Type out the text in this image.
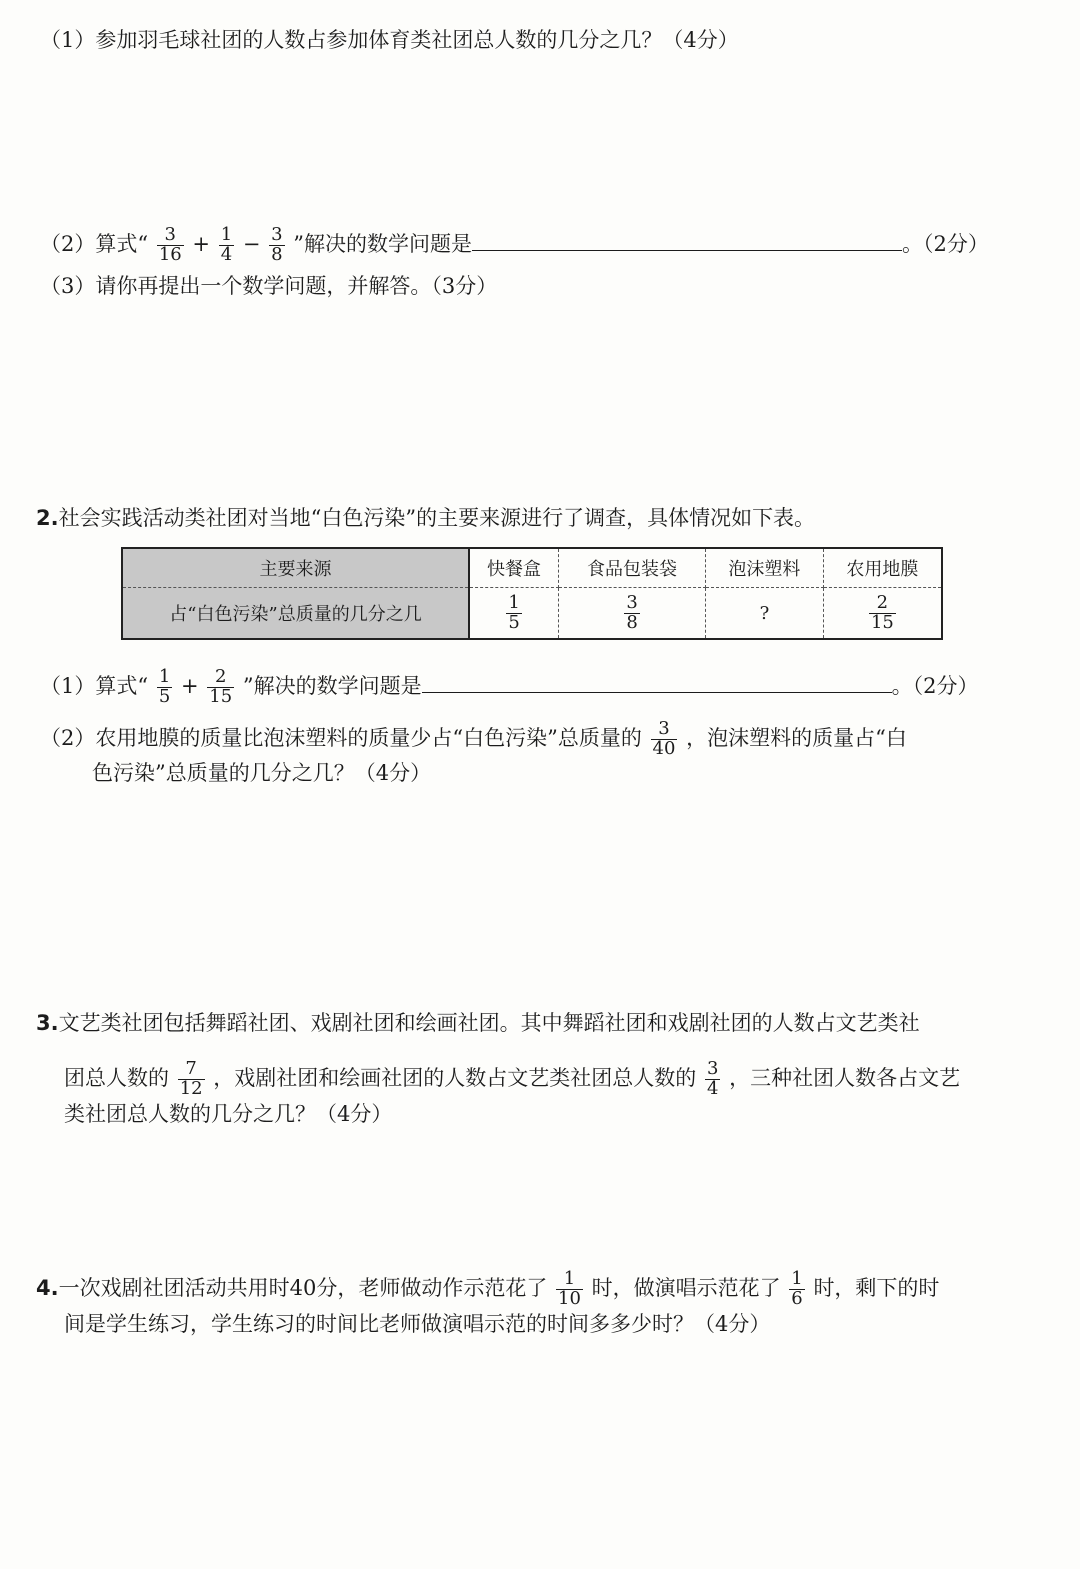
（1）参加羽毛球社团的人数占参加体育类社团总人数的几分之几？（4分）
（2）算式“ $\frac{3}{16} + \frac{1}{4} - \frac{3}{8}$ ”解决的数学问题是	。（2分）
（3）请你再提出一个数学问题，并解答。（3分）
2.社会实践活动类社团对当地“白色污染”的主要来源进行了调查，具体情况如下表。
主要来源	快餐盒	食品包装袋	泡沫塑料	农用地膜
占“白色污染”总质量的几分之几	$\frac{1}{5}$	$\frac{3}{8}$	?	$\frac{2}{15}$
（1）算式“ $\frac{1}{5} + \frac{2}{15}$ ”解决的数学问题是	。（2分）
（2）农用地膜的质量比泡沫塑料的质量少占“白色污染”总质量的 $\frac{3}{40}$ ，泡沫塑料的质量占“白
色污染”总质量的几分之几？（4分）
3.文艺类社团包括舞蹈社团、戏剧社团和绘画社团。其中舞蹈社团和戏剧社团的人数占文艺类社
团总人数的 $\frac{7}{12}$ ，戏剧社团和绘画社团的人数占文艺类社团总人数的 $\frac{3}{4}$ ，三种社团人数各占文艺
类社团总人数的几分之几？（4分）
4.一次戏剧社团活动共用时40分，老师做动作示范花了 $\frac{1}{10}$ 时，做演唱示范花了 $\frac{1}{6}$ 时，剩下的时
间是学生练习，学生练习的时间比老师做演唱示范的时间多多少时？（4分）
